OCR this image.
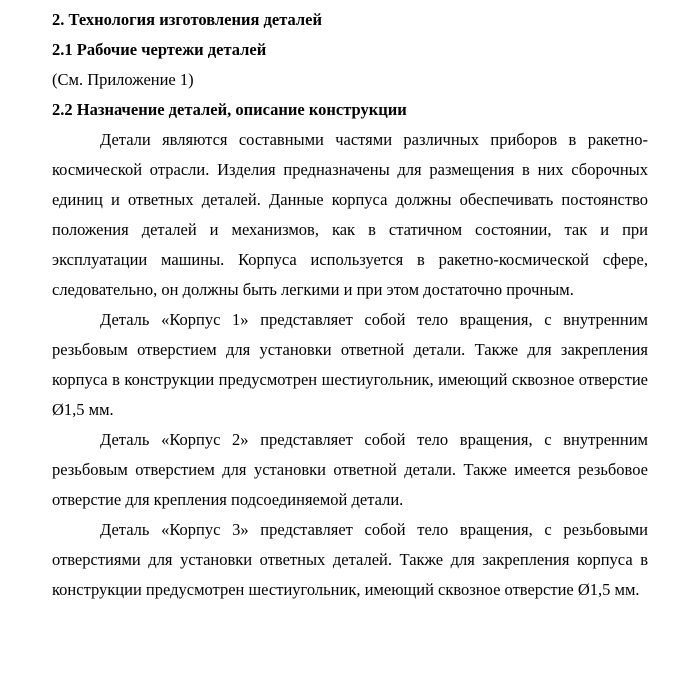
2. Технология изготовления деталей

2.1 Рабочие чертежи деталей

(См. Приложение 1)

2.2 Назначение деталей, описание конструкции

Детали являются составными частями различных приборов в ракетно-космической отрасли. Изделия предназначены для размещения в них сборочных единиц и ответных деталей. Данные корпуса должны обеспечивать постоянство положения деталей и механизмов, как в статичном состоянии, так и при эксплуатации машины. Корпуса используется в ракетно-космической сфере, следовательно, он должны быть легкими и при этом достаточно прочным.

Деталь «Корпус 1» представляет собой тело вращения, с внутренним резьбовым отверстием для установки ответной детали. Также для закрепления корпуса в конструкции предусмотрен шестиугольник, имеющий сквозное отверстие Ø1,5 мм.

Деталь «Корпус 2» представляет собой тело вращения, с внутренним резьбовым отверстием для установки ответной детали. Также имеется резьбовое отверстие для крепления подсоединяемой детали.

Деталь «Корпус 3» представляет собой тело вращения, с резьбовыми отверстиями для установки ответных деталей. Также для закрепления корпуса в конструкции предусмотрен шестиугольник, имеющий сквозное отверстие Ø1,5 мм.
